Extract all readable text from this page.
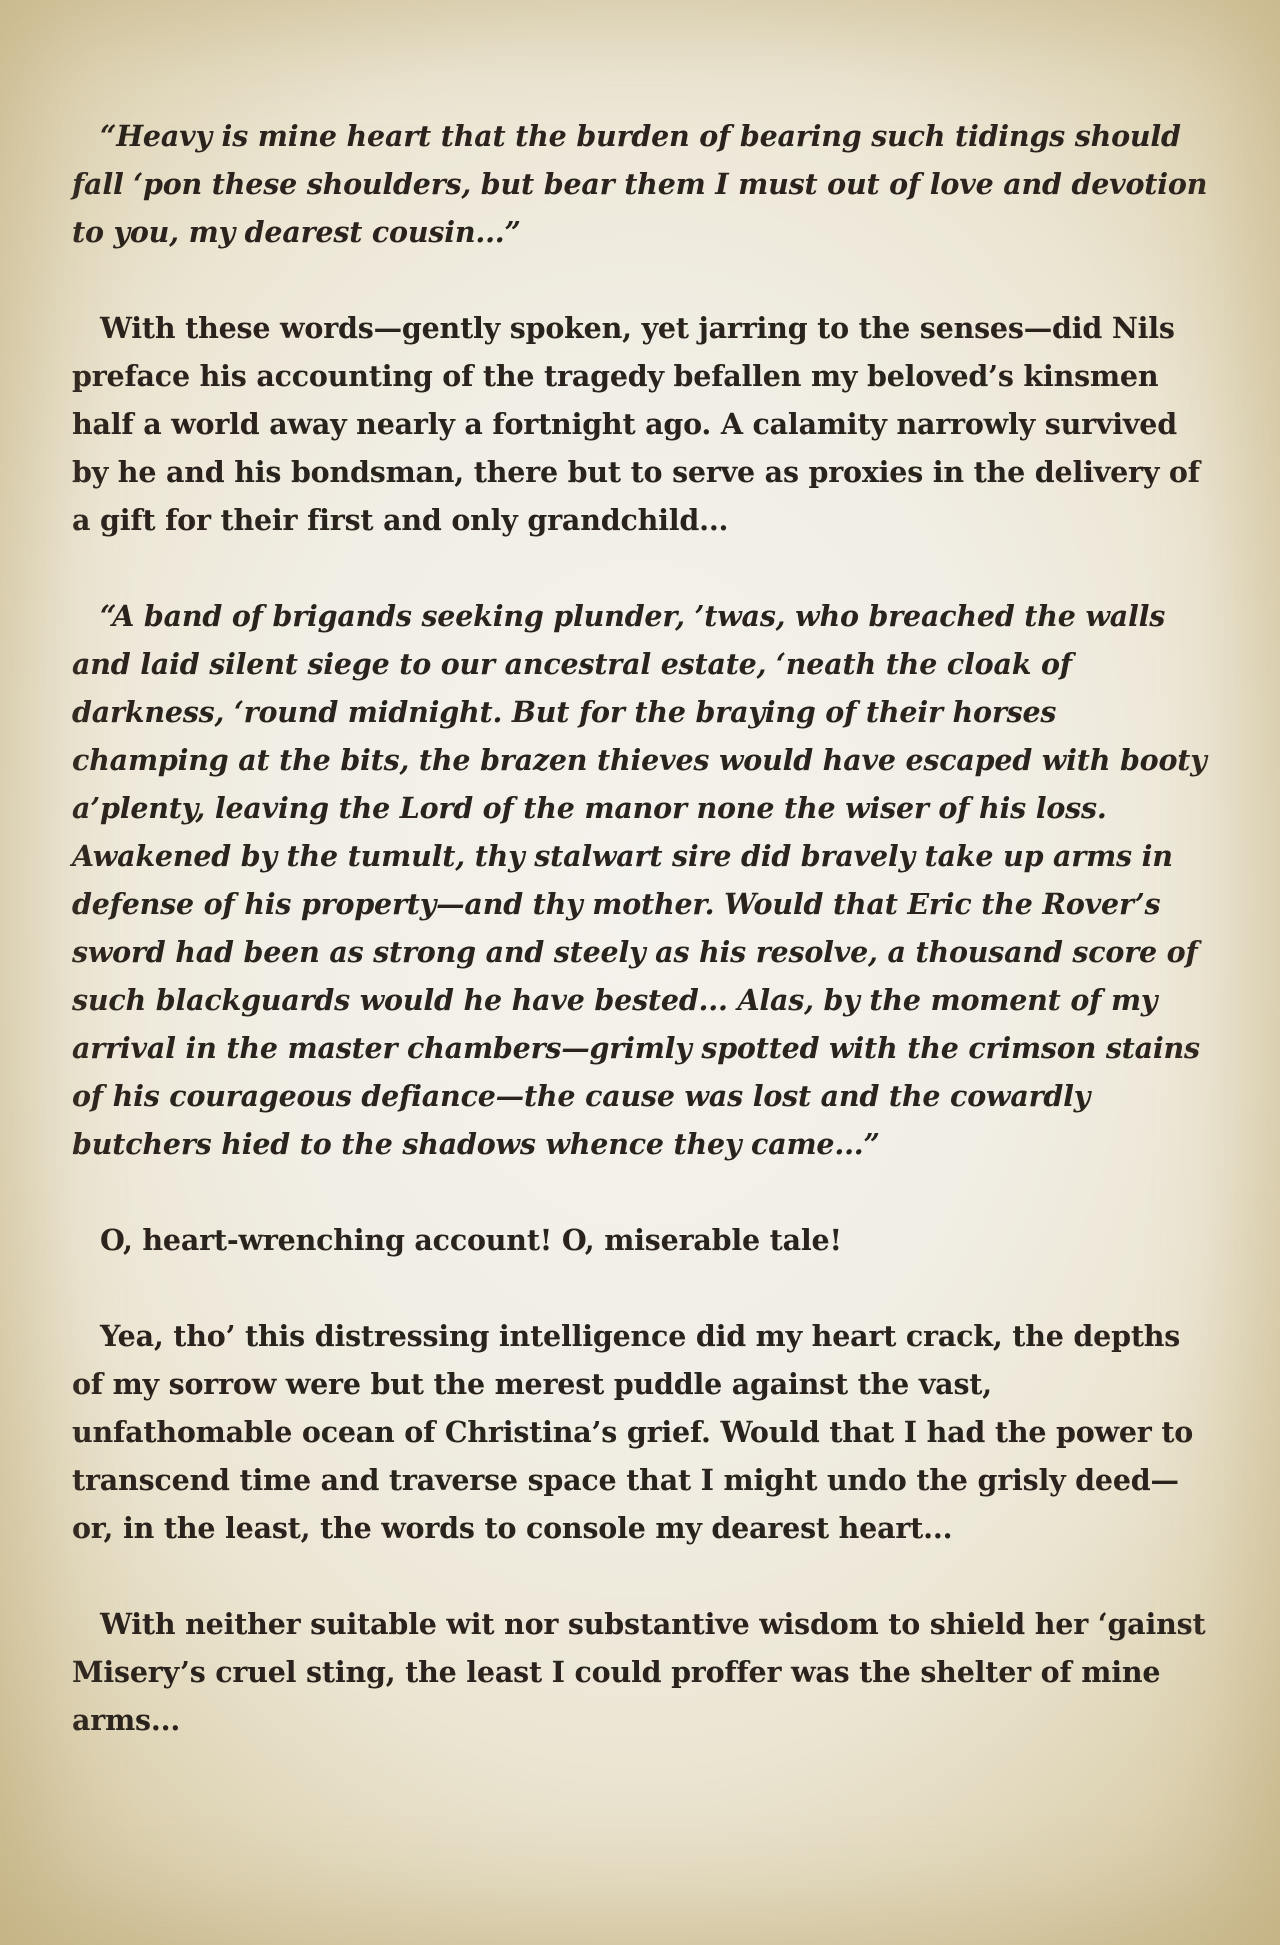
“Heavy is mine heart that the burden of bearing such tidings should fall ‘pon these shoulders, but bear them I must out of love and devotion to you, my dearest cousin...”

With these words—gently spoken, yet jarring to the senses—did Nils preface his accounting of the tragedy befallen my beloved’s kinsmen half a world away nearly a fortnight ago. A calamity narrowly survived by he and his bondsman, there but to serve as proxies in the delivery of a gift for their first and only grandchild...

“A band of brigands seeking plunder, ’twas, who breached the walls and laid silent siege to our ancestral estate, ‘neath the cloak of darkness, ‘round midnight. But for the braying of their horses champing at the bits, the brazen thieves would have escaped with booty a’plenty, leaving the Lord of the manor none the wiser of his loss. Awakened by the tumult, thy stalwart sire did bravely take up arms in defense of his property—and thy mother. Would that Eric the Rover’s sword had been as strong and steely as his resolve, a thousand score of such blackguards would he have bested... Alas, by the moment of my arrival in the master chambers—grimly spotted with the crimson stains of his courageous defiance—the cause was lost and the cowardly butchers hied to the shadows whence they came...”

O, heart-wrenching account! O, miserable tale!

Yea, tho’ this distressing intelligence did my heart crack, the depths of my sorrow were but the merest puddle against the vast, unfathomable ocean of Christina’s grief. Would that I had the power to transcend time and traverse space that I might undo the grisly deed—or, in the least, the words to console my dearest heart...

With neither suitable wit nor substantive wisdom to shield her ‘gainst Misery’s cruel sting, the least I could proffer was the shelter of mine arms...
